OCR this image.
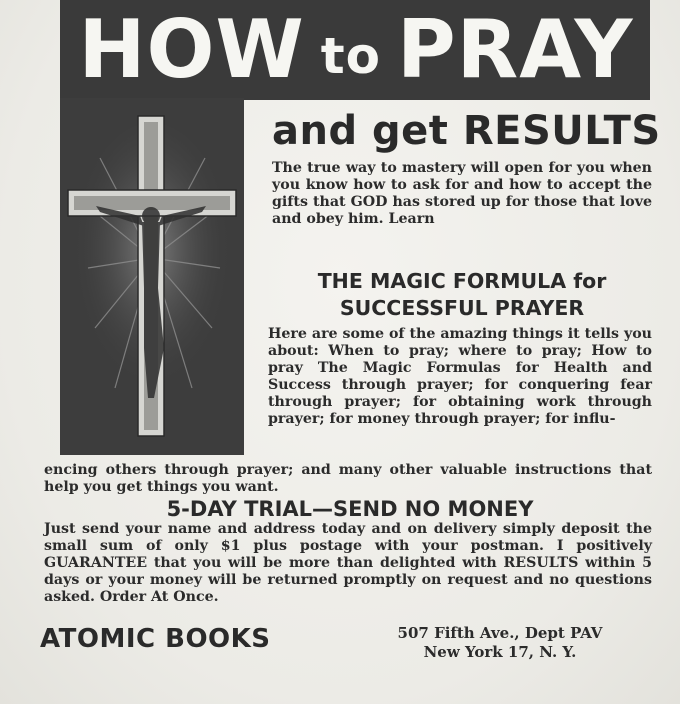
HOW to PRAY
and get RESULTS

The true way to mastery will open for you when you know how to ask for and how to accept the gifts that GOD has stored up for those that love and obey him. Learn

THE MAGIC FORMULA for
SUCCESSFUL PRAYER

Here are some of the amazing things it tells you about: When to pray; where to pray; How to pray The Magic Formulas for Health and Success through prayer; for conquering fear through prayer; for obtaining work through prayer; for money through prayer; for influ-

encing others through prayer; and many other valuable instructions that help you get things you want.

5-DAY TRIAL—SEND NO MONEY

Just send your name and address today and on delivery simply deposit the small sum of only $1 plus postage with your postman. I positively GUARANTEE that you will be more than delighted with RESULTS within 5 days or your money will be returned promptly on request and no questions asked. Order At Once.

ATOMIC BOOKS	507 Fifth Ave., Dept PAV
New York 17, N. Y.
